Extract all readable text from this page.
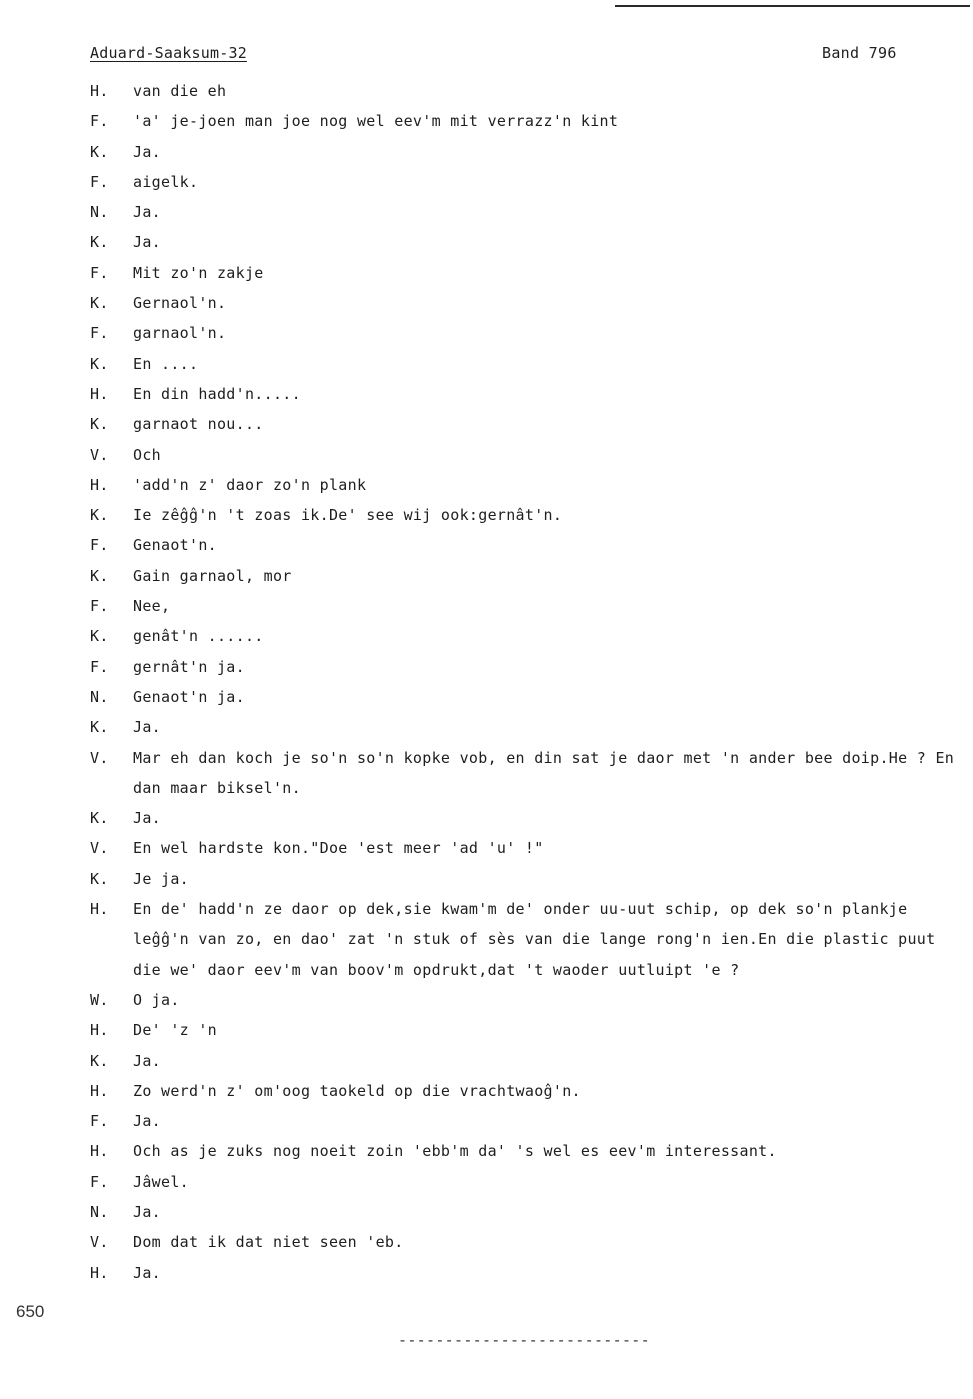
Aduard-Saaksum-32	Band 796
H.	van die eh
F.	'a' je-joen man joe nog wel eev'm mit verrazz'n kint
K.	Ja.
F.	aigelk.
N.	Ja.
K.	Ja.
F.	Mit zo'n zakje
K.	Gernaol'n.
F.	garnaol'n.
K.	En ....
H.	En din hadd'n.....
K.	garnaot nou...
V.	Och
H.	'add'n z' daor zo'n plank
K.	Ie zêĝĝ'n 't zoas ik.De' see wij ook:gernât'n.
F.	Genaot'n.
K.	Gain garnaol, mor
F.	Nee,
K.	genât'n ......
F.	gernât'n ja.
N.	Genaot'n ja.
K.	Ja.
V.	Mar eh dan koch je so'n so'n kopke vob, en din sat je daor met 'n ander bee doip.He ? En dan maar biksel'n.
K.	Ja.
V.	En wel hardste kon."Doe 'est meer 'ad 'u' !"
K.	Je ja.
H.	En de' hadd'n ze daor op dek,sie kwam'm de' onder uu-uut schip, op dek so'n plankje leĝĝ'n van zo, en dao' zat 'n stuk of sès van die lange rong'n ien.En die plastic puut die we' daor eev'm van boov'm opdrukt,dat 't waoder uutluipt 'e ?
W.	O ja.
H.	De' 'z 'n
K.	Ja.
H.	Zo werd'n z' om'oog taokeld op die vrachtwaoĝ'n.
F.	Ja.
H.	Och as je zuks nog noeit zoin 'ebb'm da' 's wel es eev'm interessant.
F.	Jâwel.
N.	Ja.
V.	Dom dat ik dat niet seen 'eb.
H.	Ja.
650
---------------------------
